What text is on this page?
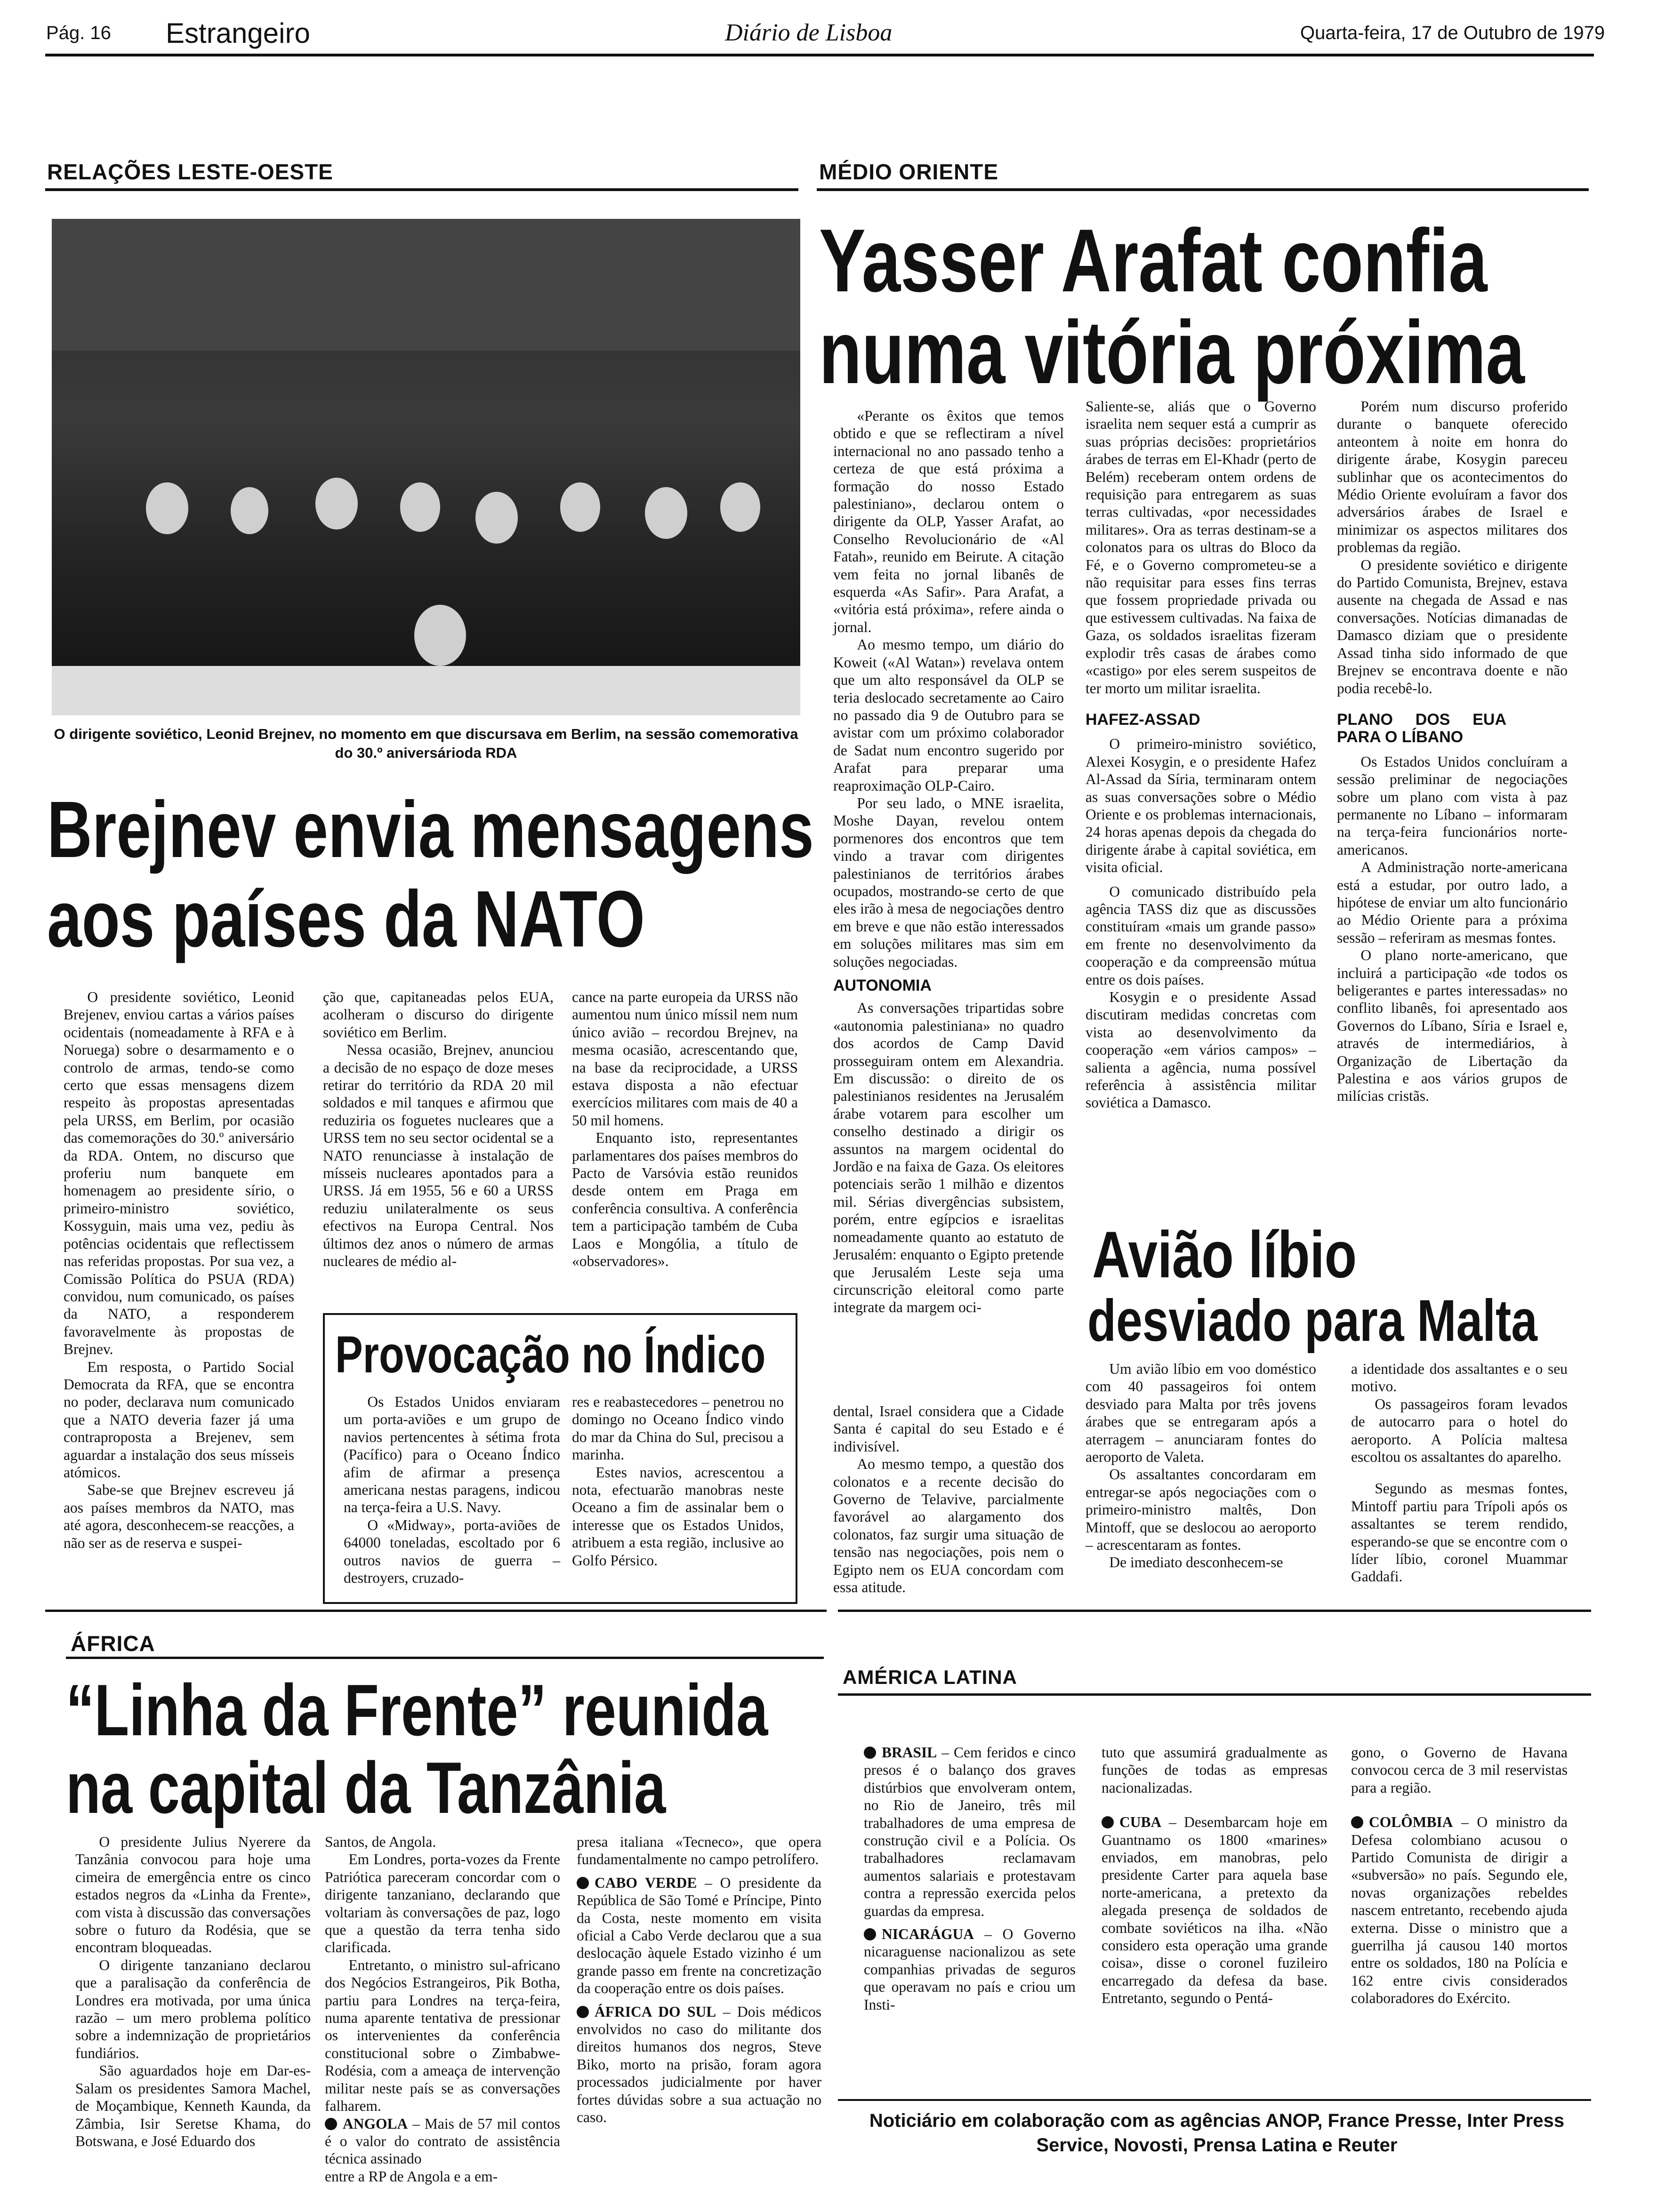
Pág. 16 Estrangeiro	Diário de Lisboa	Quarta-feira, 17 de Outubro de 1979
RELAÇÕES LESTE-OESTE
O dirigente soviético, Leonid Brejnev, no momento em que discursava em Berlim, na sessão comemorativa do 30.º aniversárioda RDA
Brejnev envia mensagens
aos países da NATO

O presidente soviético, Leonid Brejenev, enviou cartas a vários países ocidentais (nomeadamente à RFA e à Noruega) sobre o desarmamento e o controlo de armas, tendo-se como certo que essas mensagens dizem respeito às propostas apresentadas pela URSS, em Berlim, por ocasião das comemorações do 30.º aniversário da RDA. Ontem, no discurso que proferiu num banquete em homenagem ao presidente sírio, o primeiro-ministro soviético, Kossyguin, mais uma vez, pediu às potências ocidentais que reflectissem nas referidas propostas. Por sua vez, a Comissão Política do PSUA (RDA) convidou, num comunicado, os países da NATO, a responderem favoravelmente às propostas de Brejnev.

Em resposta, o Partido Social Democrata da RFA, que se encontra no poder, declarava num comunicado que a NATO deveria fazer já uma contraproposta a Brejenev, sem aguardar a instalação dos seus mísseis atómicos.

Sabe-se que Brejnev escreveu já aos países membros da NATO, mas até agora, desconhecem-se reacções, a não ser as de reserva e suspei-

ção que, capitaneadas pelos EUA, acolheram o discurso do dirigente soviético em Berlim.

Nessa ocasião, Brejnev, anunciou a decisão de no espaço de doze meses retirar do território da RDA 20 mil soldados e mil tanques e afirmou que reduziria os foguetes nucleares que a URSS tem no seu sector ocidental se a NATO renunciasse à instalação de mísseis nucleares apontados para a URSS. Já em 1955, 56 e 60 a URSS reduziu unilateralmente os seus efectivos na Europa Central. Nos últimos dez anos o número de armas nucleares de médio al-

cance na parte europeia da URSS não aumentou num único míssil nem num único avião – recordou Brejnev, na mesma ocasião, acrescentando que, na base da reciprocidade, a URSS estava disposta a não efectuar exercícios militares com mais de 40 a 50 mil homens.

Enquanto isto, representantes parlamentares dos países membros do Pacto de Varsóvia estão reunidos desde ontem em Praga em conferência consultiva. A conferência tem a participação também de Cuba Laos e Mongólia, a título de «observadores».

Provocação no Índico

Os Estados Unidos enviaram um porta-aviões e um grupo de navios pertencentes à sétima frota (Pacífico) para o Oceano Índico afim de afirmar a presença americana nestas paragens, indicou na terça-feira a U.S. Navy.

O «Midway», porta-aviões de 64000 toneladas, escoltado por 6 outros navios de guerra – destroyers, cruzado-

res e reabastecedores – penetrou no domingo no Oceano Índico vindo do mar da China do Sul, precisou a marinha.

Estes navios, acrescentou a nota, efectuarão manobras neste Oceano a fim de assinalar bem o interesse que os Estados Unidos, atribuem a esta região, inclusive ao Golfo Pérsico.

MÉDIO ORIENTE
Yasser Arafat confia
numa vitória próxima

«Perante os êxitos que temos obtido e que se reflectiram a nível internacional no ano passado tenho a certeza de que está próxima a formação do nosso Estado palestiniano», declarou ontem o dirigente da OLP, Yasser Arafat, ao Conselho Revolucionário de «Al Fatah», reunido em Beirute. A citação vem feita no jornal libanês de esquerda «As Safir». Para Arafat, a «vitória está próxima», refere ainda o jornal.

Ao mesmo tempo, um diário do Koweit («Al Watan») revelava ontem que um alto responsável da OLP se teria deslocado secretamente ao Cairo no passado dia 9 de Outubro para se avistar com um próximo colaborador de Sadat num encontro sugerido por Arafat para preparar uma reaproximação OLP-Cairo.

Por seu lado, o MNE israelita, Moshe Dayan, revelou ontem pormenores dos encontros que tem vindo a travar com dirigentes palestinianos de territórios árabes ocupados, mostrando-se certo de que eles irão à mesa de negociações dentro em breve e que não estão interessados em soluções militares mas sim em soluções negociadas.

AUTONOMIA

As conversações tripartidas sobre «autonomia palestiniana» no quadro dos acordos de Camp David prosseguiram ontem em Alexandria. Em discussão: o direito de os palestinianos residentes na Jerusalém árabe votarem para escolher um conselho destinado a dirigir os assuntos na margem ocidental do Jordão e na faixa de Gaza. Os eleitores potenciais serão 1 milhão e dizentos mil. Sérias divergências subsistem, porém, entre egípcios e israelitas nomeadamente quanto ao estatuto de Jerusalém: enquanto o Egipto pretende que Jerusalém Leste seja uma circunscrição eleitoral como parte integrate da margem oci-

Saliente-se, aliás que o Governo israelita nem sequer está a cumprir as suas próprias decisões: proprietários árabes de terras em El-Khadr (perto de Belém) receberam ontem ordens de requisição para entregarem as suas terras cultivadas, «por necessidades militares». Ora as terras destinam-se a colonatos para os ultras do Bloco da Fé, e o Governo comprometeu-se a não requisitar para esses fins terras que fossem propriedade privada ou que estivessem cultivadas. Na faixa de Gaza, os soldados israelitas fizeram explodir três casas de árabes como «castigo» por eles serem suspeitos de ter morto um militar israelita.

HAFEZ-ASSAD

O primeiro-ministro soviético, Alexei Kosygin, e o presidente Hafez Al-Assad da Síria, terminaram ontem as suas conversações sobre o Médio Oriente e os problemas internacionais, 24 horas apenas depois da chegada do dirigente árabe à capital soviética, em visita oficial.

O comunicado distribuído pela agência TASS diz que as discussões constituíram «mais um grande passo» em frente no desenvolvimento da cooperação e da compreensão mútua entre os dois países.

Kosygin e o presidente Assad discutiram medidas concretas com vista ao desenvolvimento da cooperação «em vários campos» – salienta a agência, numa possível referência à assistência militar soviética a Damasco.

Porém num discurso proferido durante o banquete oferecido anteontem à noite em honra do dirigente árabe, Kosygin pareceu sublinhar que os acontecimentos do Médio Oriente evoluíram a favor dos adversários árabes de Israel e minimizar os aspectos militares dos problemas da região.

O presidente soviético e dirigente do Partido Comunista, Brejnev, estava ausente na chegada de Assad e nas conversações. Notícias dimanadas de Damasco diziam que o presidente Assad tinha sido informado de que Brejnev se encontrava doente e não podia recebê-lo.

PLANO DOS EUA PARA O LÍBANO

Os Estados Unidos concluíram a sessão preliminar de negociações sobre um plano com vista à paz permanente no Líbano – informaram na terça-feira funcionários norte-americanos.

A Administração norte-americana está a estudar, por outro lado, a hipótese de enviar um alto funcionário ao Médio Oriente para a próxima sessão – referiram as mesmas fontes.

O plano norte-americano, que incluirá a participação «de todos os beligerantes e partes interessadas» no conflito libanês, foi apresentado aos Governos do Líbano, Síria e Israel e, através de intermediários, à Organização de Libertação da Palestina e aos vários grupos de milícias cristãs.

Avião líbio
desviado para Malta

dental, Israel considera que a Cidade Santa é capital do seu Estado e é indivisível.

Ao mesmo tempo, a questão dos colonatos e a recente decisão do Governo de Telavive, parcialmente favorável ao alargamento dos colonatos, faz surgir uma situação de tensão nas negociações, pois nem o Egipto nem os EUA concordam com essa atitude.

Um avião líbio em voo doméstico com 40 passageiros foi ontem desviado para Malta por três jovens árabes que se entregaram após a aterragem – anunciaram fontes do aeroporto de Valeta.

Os assaltantes concordaram em entregar-se após negociações com o primeiro-ministro maltês, Don Mintoff, que se deslocou ao aeroporto – acrescentaram as fontes.

De imediato desconhecem-se

a identidade dos assaltantes e o seu motivo.

Os passageiros foram levados de autocarro para o hotel do aeroporto. A Polícia maltesa escoltou os assaltantes do aparelho.

Segundo as mesmas fontes, Mintoff partiu para Trípoli após os assaltantes se terem rendido, esperando-se que se encontre com o líder líbio, coronel Muammar Gaddafi.

ÁFRICA
“Linha da Frente” reunida
na capital da Tanzânia

O presidente Julius Nyerere da Tanzânia convocou para hoje uma cimeira de emergência entre os cinco estados negros da «Linha da Frente», com vista à discussão das conversações sobre o futuro da Rodésia, que se encontram bloqueadas.

O dirigente tanzaniano declarou que a paralisação da conferência de Londres era motivada, por uma única razão – um mero problema político sobre a indemnização de proprietários fundiários.

São aguardados hoje em Dar-es-Salam os presidentes Samora Machel, de Moçambique, Kenneth Kaunda, da Zâmbia, Isir Seretse Khama, do Botswana, e José Eduardo dos

Santos, de Angola.

Em Londres, porta-vozes da Frente Patriótica pareceram concordar com o dirigente tanzaniano, declarando que voltariam às conversações de paz, logo que a questão da terra tenha sido clarificada.

Entretanto, o ministro sul-africano dos Negócios Estrangeiros, Pik Botha, partiu para Londres na terça-feira, numa aparente tentativa de pressionar os intervenientes da conferência constitucional sobre o Zimbabwe-Rodésia, com a ameaça de intervenção militar neste país se as conversações falharem.

ANGOLA – Mais de 57 mil contos é o valor do contrato de assistência técnica assinado

entre a RP de Angola e a em-

presa italiana «Tecneco», que opera fundamentalmente no campo petrolífero.

CABO VERDE – O presidente da República de São Tomé e Príncipe, Pinto da Costa, neste momento em visita oficial a Cabo Verde declarou que a sua deslocação àquele Estado vizinho é um grande passo em frente na concretização da cooperação entre os dois países.

ÁFRICA DO SUL – Dois médicos envolvidos no caso do militante dos direitos humanos dos negros, Steve Biko, morto na prisão, foram agora processados judicialmente por haver fortes dúvidas sobre a sua actuação no caso.

AMÉRICA LATINA

BRASIL – Cem feridos e cinco presos é o balanço dos graves distúrbios que envolveram ontem, no Rio de Janeiro, três mil trabalhadores de uma empresa de construção civil e a Polícia. Os trabalhadores reclamavam aumentos salariais e protestavam contra a repressão exercida pelos guardas da empresa.

NICARÁGUA – O Governo nicaraguense nacionalizou as sete companhias privadas de seguros que operavam no país e criou um Insti-

tuto que assumirá gradualmente as funções de todas as empresas nacionalizadas.

CUBA – Desembarcam hoje em Guantnamo os 1800 «marines» enviados, em manobras, pelo presidente Carter para aquela base norte-americana, a pretexto da alegada presença de soldados de combate soviéticos na ilha. «Não considero esta operação uma grande coisa», disse o coronel fuzileiro encarregado da defesa da base. Entretanto, segundo o Pentá-

gono, o Governo de Havana convocou cerca de 3 mil reservistas para a região.

COLÔMBIA – O ministro da Defesa colombiano acusou o Partido Comunista de dirigir a «subversão» no país. Segundo ele, novas organizações rebeldes nascem entretanto, recebendo ajuda externa. Disse o ministro que a guerrilha já causou 140 mortos entre os soldados, 180 na Polícia e 162 entre civis considerados colaboradores do Exército.

Noticiário em colaboração com as agências ANOP, France Presse, Inter Press Service, Novosti, Prensa Latina e Reuter
